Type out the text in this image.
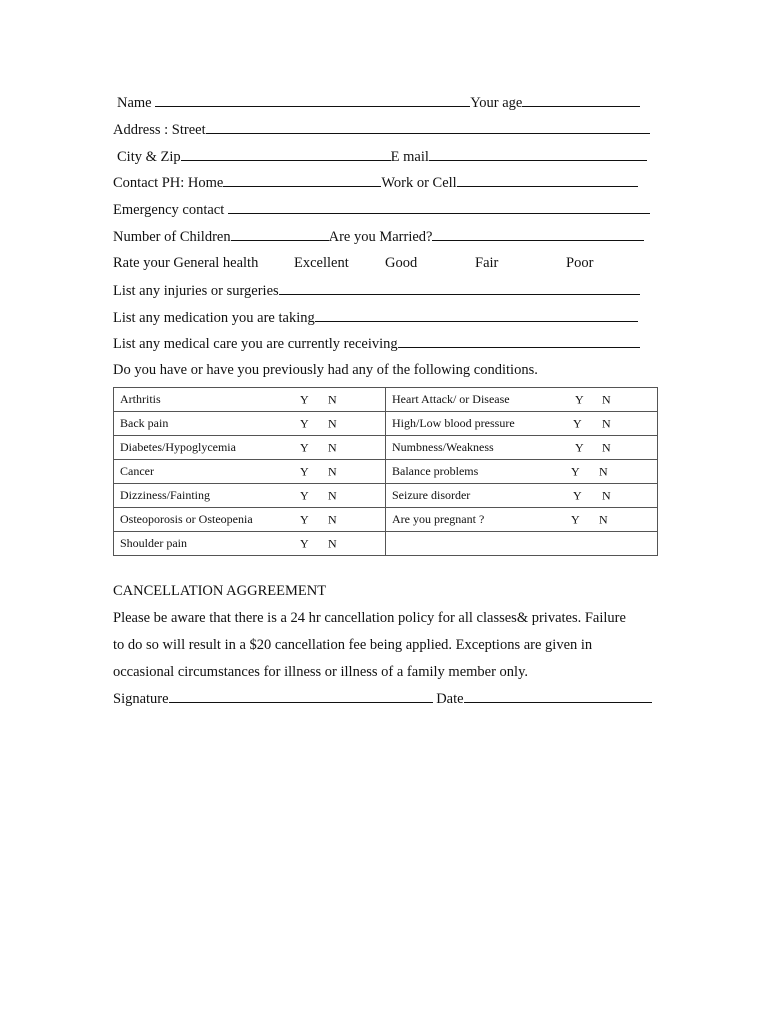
Name	Your age
Address : Street
City & Zip	E mail
Contact PH: Home	Work or Cell
Emergency contact
Number of Children	Are you Married?
Rate your General health Excellent Good	Fair	Poor
List any injuries or surgeries
List any medication you are taking
List any medical care you are currently receiving
Do you have or have you previously had any of the following conditions.
Arthritis Y N	Heart Attack/ or Disease Y N

Back pain Y N	High/Low blood pressure Y N

Diabetes/Hypoglycemia Y N	Numbness/Weakness Y N

Cancer Y N	Balance problems Y N

Dizziness/Fainting Y N	Seizure disorder Y N

Osteoporosis or Osteopenia Y N	Are you pregnant ? Y N

Shoulder pain Y N	

CANCELLATION AGGREEMENT
Please be aware that there is a 24 hr cancellation policy for all classes& privates. Failure
to do so will result in a $20 cancellation fee being applied. Exceptions are given in
occasional circumstances for illness or illness of a family member only.
Signature	Date
